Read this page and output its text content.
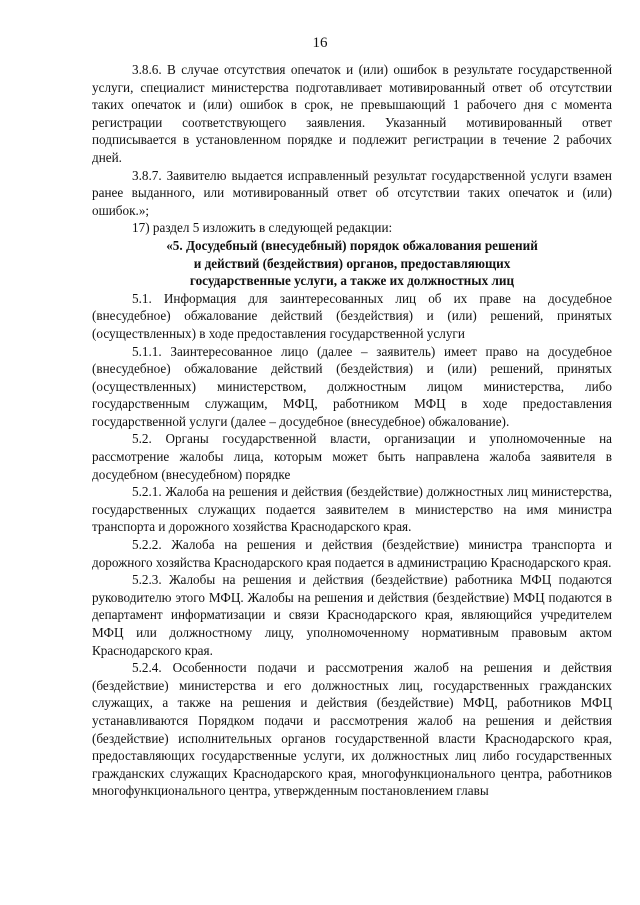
16

3.8.6. В случае отсутствия опечаток и (или) ошибок в результате государственной услуги, специалист министерства подготавливает мотивированный ответ об отсутствии таких опечаток и (или) ошибок в срок, не превышающий 1 рабочего дня с момента регистрации соответствующего заявления. Указанный мотивированный ответ подписывается в установленном порядке и подлежит регистрации в течение 2 рабочих дней.

3.8.7. Заявителю выдается исправленный результат государственной услуги взамен ранее выданного, или мотивированный ответ об отсутствии таких опечаток и (или) ошибок.»;

17) раздел 5 изложить в следующей редакции:

«5. Досудебный (внесудебный) порядок обжалования решений
и действий (бездействия) органов, предоставляющих
государственные услуги, а также их должностных лиц

5.1. Информация для заинтересованных лиц об их праве на досудебное (внесудебное) обжалование действий (бездействия) и (или) решений, принятых (осуществленных) в ходе предоставления государственной услуги

5.1.1. Заинтересованное лицо (далее – заявитель) имеет право на досудебное (внесудебное) обжалование действий (бездействия) и (или) решений, принятых (осуществленных) министерством, должностным лицом министерства, либо государственным служащим, МФЦ, работником МФЦ в ходе предоставления государственной услуги (далее – досудебное (внесудебное) обжалование).

5.2. Органы государственной власти, организации и уполномоченные на рассмотрение жалобы лица, которым может быть направлена жалоба заявителя в досудебном (внесудебном) порядке

5.2.1. Жалоба на решения и действия (бездействие) должностных лиц министерства, государственных служащих подается заявителем в министерство на имя министра транспорта и дорожного хозяйства Краснодарского края.

5.2.2. Жалоба на решения и действия (бездействие) министра транспорта и дорожного хозяйства Краснодарского края подается в администрацию Краснодарского края.

5.2.3. Жалобы на решения и действия (бездействие) работника МФЦ подаются руководителю этого МФЦ. Жалобы на решения и действия (бездействие) МФЦ подаются в департамент информатизации и связи Краснодарского края, являющийся учредителем МФЦ или должностному лицу, уполномоченному нормативным правовым актом Краснодарского края.

5.2.4. Особенности подачи и рассмотрения жалоб на решения и действия (бездействие) министерства и его должностных лиц, государственных гражданских служащих, а также на решения и действия (бездействие) МФЦ, работников МФЦ устанавливаются Порядком подачи и рассмотрения жалоб на решения и действия (бездействие) исполнительных органов государственной власти Краснодарского края, предоставляющих государственные услуги, их должностных лиц либо государственных гражданских служащих Краснодарского края, многофункционального центра, работников многофункционального центра, утвержденным постановлением главы
